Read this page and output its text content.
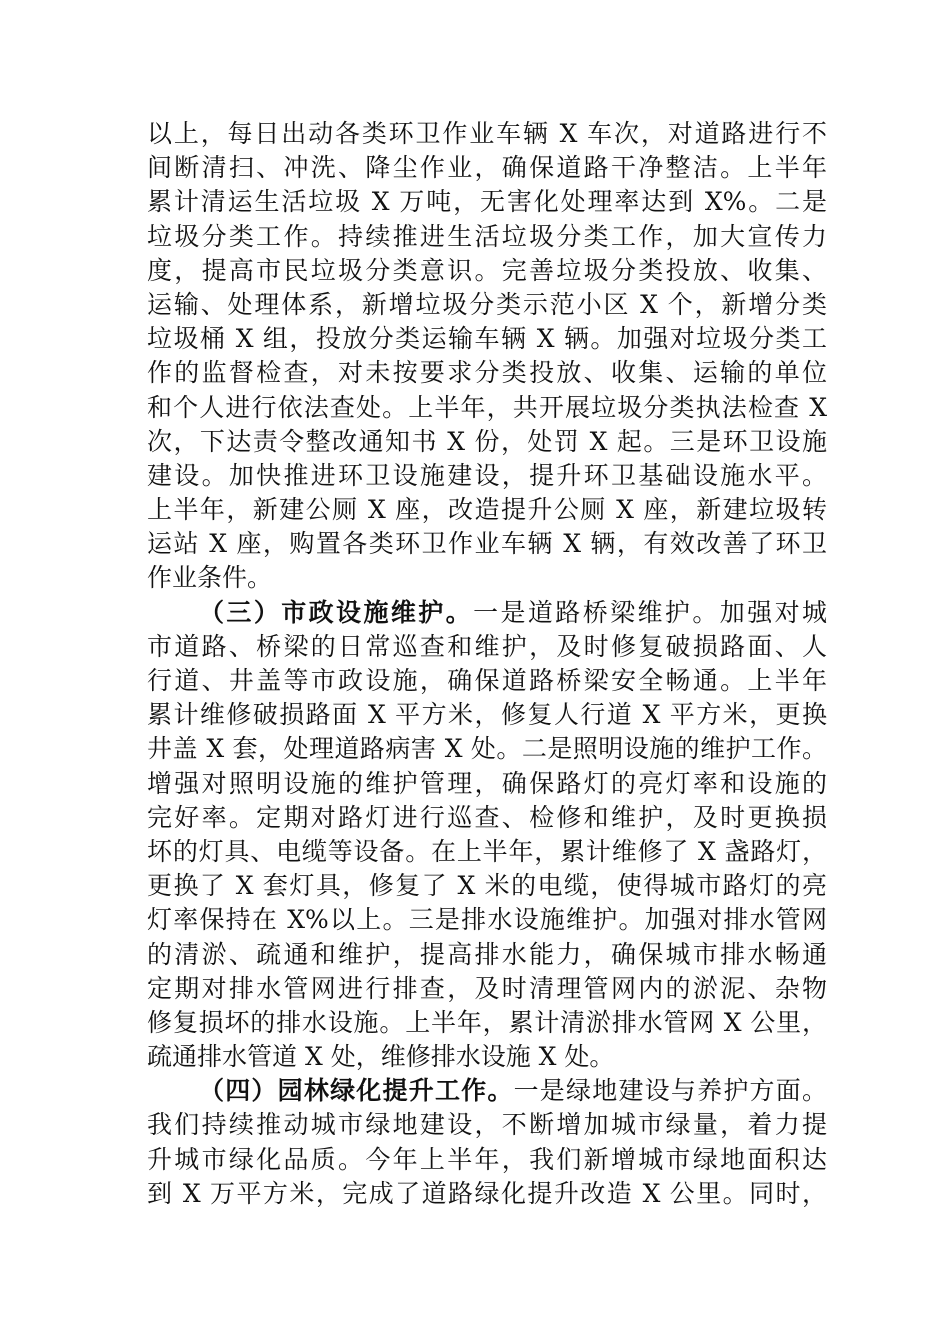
以上，每日出动各类环卫作业车辆 X 车次，对道路进行不
间断清扫、冲洗、降尘作业，确保道路干净整洁。上半年
累计清运生活垃圾 X 万吨，无害化处理率达到 X%。二是
垃圾分类工作。持续推进生活垃圾分类工作，加大宣传力
度，提高市民垃圾分类意识。完善垃圾分类投放、收集、
运输、处理体系，新增垃圾分类示范小区 X 个，新增分类
垃圾桶 X 组，投放分类运输车辆 X 辆。加强对垃圾分类工
作的监督检查，对未按要求分类投放、收集、运输的单位
和个人进行依法查处。上半年，共开展垃圾分类执法检查 X
次，下达责令整改通知书 X 份，处罚 X 起。三是环卫设施
建设。加快推进环卫设施建设，提升环卫基础设施水平。
上半年，新建公厕 X 座，改造提升公厕 X 座，新建垃圾转
运站 X 座，购置各类环卫作业车辆 X 辆，有效改善了环卫
作业条件。
（三）市政设施维护。一是道路桥梁维护。加强对城
市道路、桥梁的日常巡查和维护，及时修复破损路面、人
行道、井盖等市政设施，确保道路桥梁安全畅通。上半年
累计维修破损路面 X 平方米，修复人行道 X 平方米，更换
井盖 X 套，处理道路病害 X 处。二是照明设施的维护工作。
增强对照明设施的维护管理，确保路灯的亮灯率和设施的
完好率。定期对路灯进行巡查、检修和维护，及时更换损
坏的灯具、电缆等设备。在上半年，累计维修了 X 盏路灯，
更换了 X 套灯具，修复了 X 米的电缆，使得城市路灯的亮
灯率保持在 X%以上。三是排水设施维护。加强对排水管网
的清淤、疏通和维护，提高排水能力，确保城市排水畅通
定期对排水管网进行排查，及时清理管网内的淤泥、杂物
修复损坏的排水设施。上半年，累计清淤排水管网 X 公里，
疏通排水管道 X 处，维修排水设施 X 处。
（四）园林绿化提升工作。一是绿地建设与养护方面。
我们持续推动城市绿地建设，不断增加城市绿量，着力提
升城市绿化品质。今年上半年，我们新增城市绿地面积达
到 X 万平方米，完成了道路绿化提升改造 X 公里。同时，
